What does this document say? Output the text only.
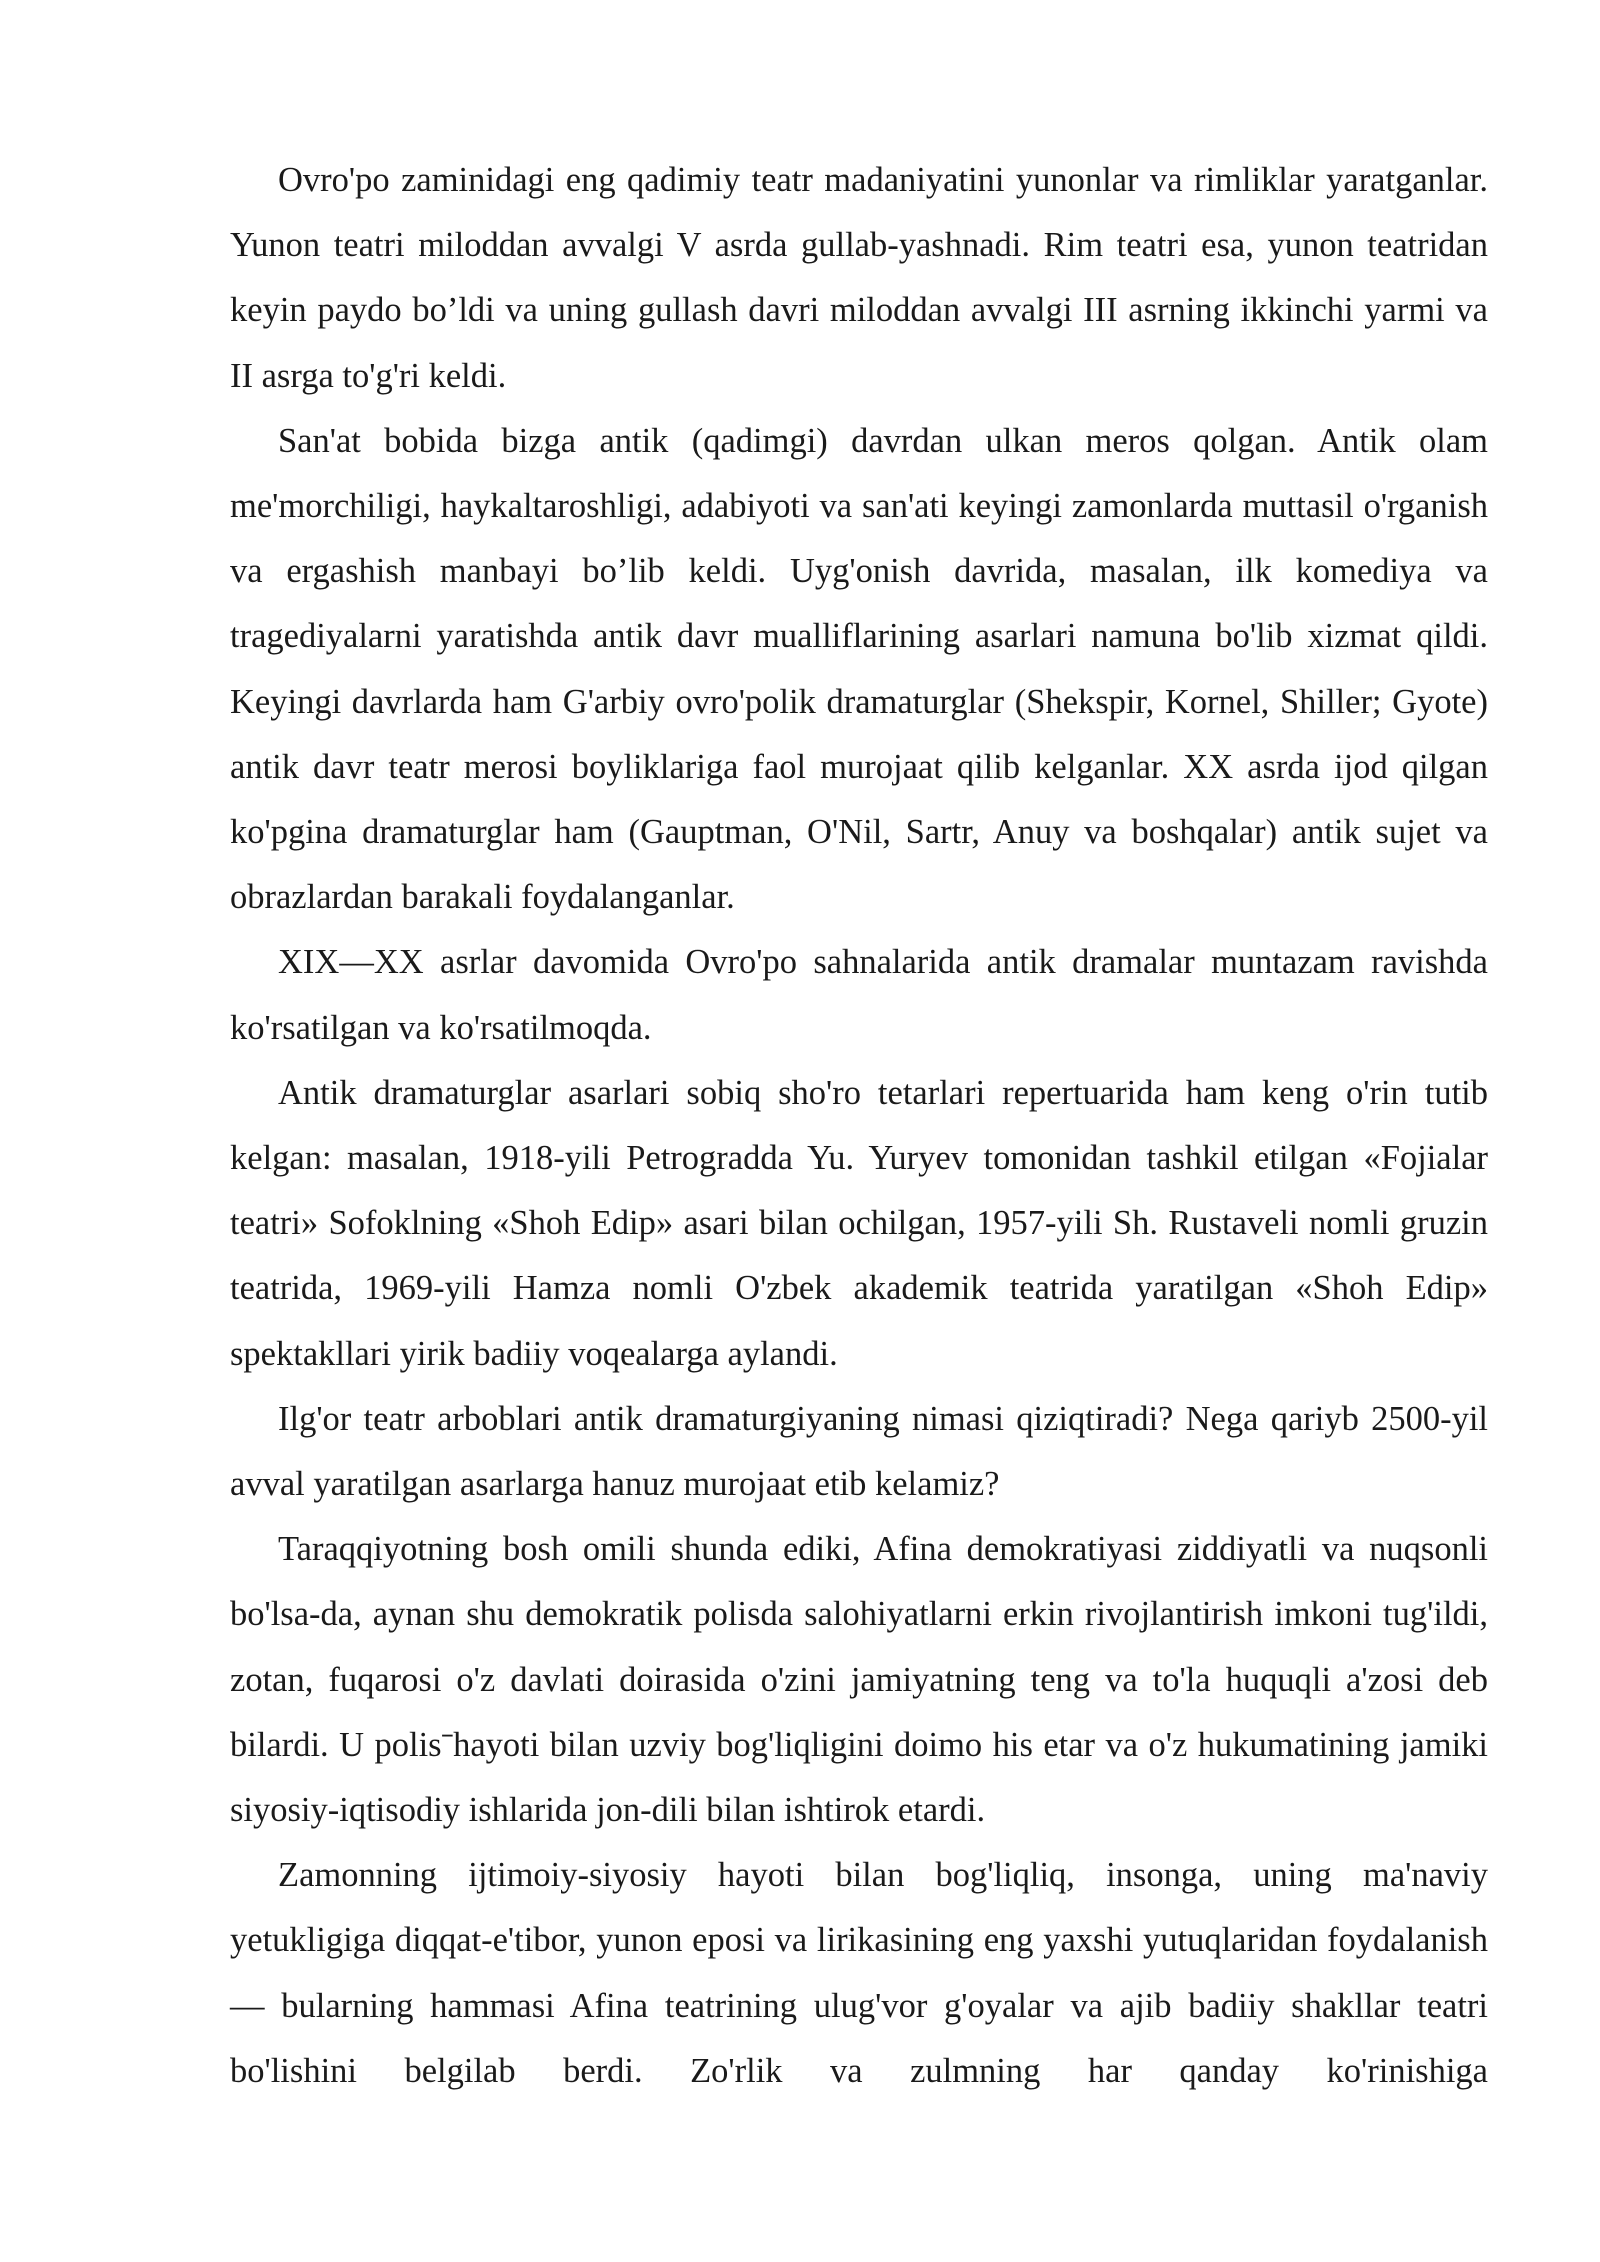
Ovro'po zaminidagi eng qadimiy teatr madaniyatini yunonlar va rimliklar yaratganlar. Yunon teatri miloddan avvalgi V asrda gullab-yashnadi. Rim teatri esa, yunon teatridan keyin paydo bo’ldi va uning gullash davri miloddan avvalgi III asrning ikkinchi yarmi va II asrga to'g'ri keldi.

San'at bobida bizga antik (qadimgi) davrdan ulkan meros qolgan. Antik olam me'morchiligi, haykaltaroshligi, adabiyoti va san'ati keyingi zamonlarda muttasil o'rganish va ergashish manbayi bo’lib keldi. Uyg'onish davrida, masalan, ilk komediya va tragediyalarni yaratishda antik davr mualliflarining asarlari namuna bo'lib xizmat qildi. Keyingi davrlarda ham G'arbiy ovro'polik dramaturglar (Shekspir, Kornel, Shiller; Gyote) antik davr teatr merosi boyliklariga faol murojaat qilib kelganlar. XX asrda ijod qilgan ko'pgina dramaturglar ham (Gauptman, O'Nil, Sartr, Anuy va boshqalar) antik sujet va obrazlardan barakali foydalanganlar.

XIX—XX asrlar davomida Ovro'po sahnalarida antik dramalar muntazam ravishda ko'rsatilgan va ko'rsatilmoqda.

Antik dramaturglar asarlari sobiq sho'ro tetarlari repertuarida ham keng o'rin tutib kelgan: masalan, 1918-yili Petrogradda Yu. Yuryev tomonidan tashkil etilgan «Fojialar teatri» Sofoklning «Shoh Edip» asari bilan ochilgan, 1957-yili Sh. Rustaveli nomli gruzin teatrida, 1969-yili Hamza nomli O'zbek akademik teatrida yaratilgan «Shoh Edip» spektakllari yirik badiiy voqealarga aylandi.

Ilg'or teatr arboblari antik dramaturgiyaning nimasi qiziqtiradi? Nega qariyb 2500-yil avval yaratilgan asarlarga hanuz murojaat etib kelamiz?

Taraqqiyotning bosh omili shunda ediki, Afina demokratiyasi ziddiyatli va nuqsonli bo'lsa-da, aynan shu demokratik polisda salohiyatlarni erkin rivojlantirish imkoni tug'ildi, zotan, fuqarosi o'z davlati doirasida o'zini jamiyatning teng va to'la huquqli a'zosi deb bilardi. U polisˉhayoti bilan uzviy bog'liqligini doimo his etar va o'z hukumatining jamiki siyosiy-iqtisodiy ishlarida jon-dili bilan ishtirok etardi.

Zamonning ijtimoiy-siyosiy hayoti bilan bog'liqliq, insonga, uning ma'naviy yetukligiga diqqat-e'tibor, yunon eposi va lirikasining eng yaxshi yutuqlaridan foydalanish — bularning hammasi Afina teatrining ulug'vor g'oyalar va ajib badiiy shakllar teatri bo'lishini belgilab berdi. Zo'rlik va zulmning har qanday ko'rinishiga
